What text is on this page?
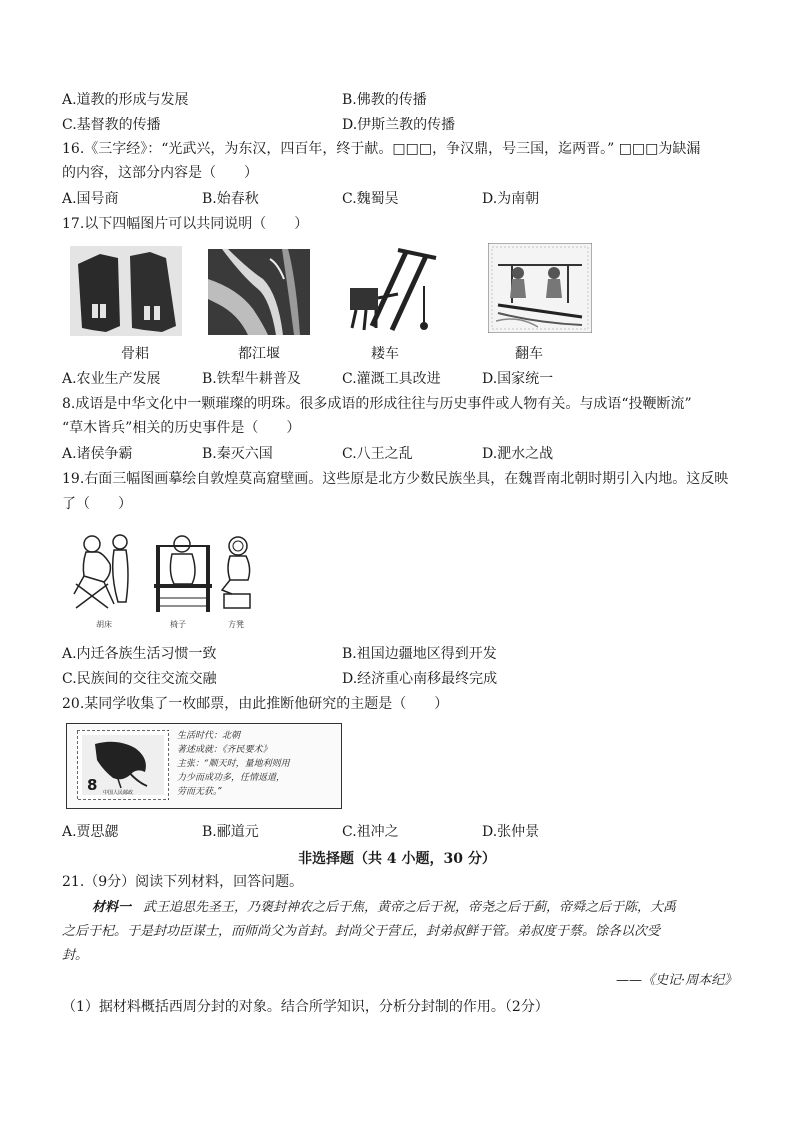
A.道教的形成与发展	B.佛教的传播
C.基督教的传播	D.伊斯兰教的传播
16.《三字经》：“光武兴，为东汉，四百年，终于献。□□□，争汉鼎，号三国，迄两晋。” □□□为缺漏
的内容，这部分内容是（　　）
A.国号商	B.始春秋	C.魏蜀吴	D.为南朝
17.以下四幅图片可以共同说明（　　）
骨耜	都江堰	耧车	翻车
A.农业生产发展	B.铁犁牛耕普及	C.灌溉工具改进	D.国家统一
8.成语是中华文化中一颗璀璨的明珠。很多成语的形成往往与历史事件或人物有关。与成语“投鞭断流”
“草木皆兵”相关的历史事件是（　　）
A.诸侯争霸	B.秦灭六国	C.八王之乱	D.淝水之战
19.右面三幅图画摹绘自敦煌莫高窟壁画。这些原是北方少数民族坐具，在魏晋南北朝时期引入内地。这反映
了（　　）
胡床	椅子	方凳
A.内迁各族生活习惯一致	B.祖国边疆地区得到开发
C.民族间的交往交流交融	D.经济重心南移最终完成
20.某同学收集了一枚邮票，由此推断他研究的主题是（　　）
8 中国人民邮政
生活时代：北朝
著述成就：《齐民要术》
主张：“顺天时，量地利则用
力少而成功多，任情返道，
劳而无获。”
A.贾思勰	B.郦道元	C.祖冲之	D.张仲景
非选择题（共 4 小题，30 分）
21.（9分）阅读下列材料，回答问题。
材料一 武王追思先圣王，乃褒封神农之后于焦，黄帝之后于祝，帝尧之后于蓟，帝舜之后于陈，大禹
之后于杞。于是封功臣谋士，而师尚父为首封。封尚父于营丘，封弟叔鲜于管。弟叔度于蔡。馀各以次受
封。
——《史记·周本纪》
（1）据材料概括西周分封的对象。结合所学知识，分析分封制的作用。（2分）
